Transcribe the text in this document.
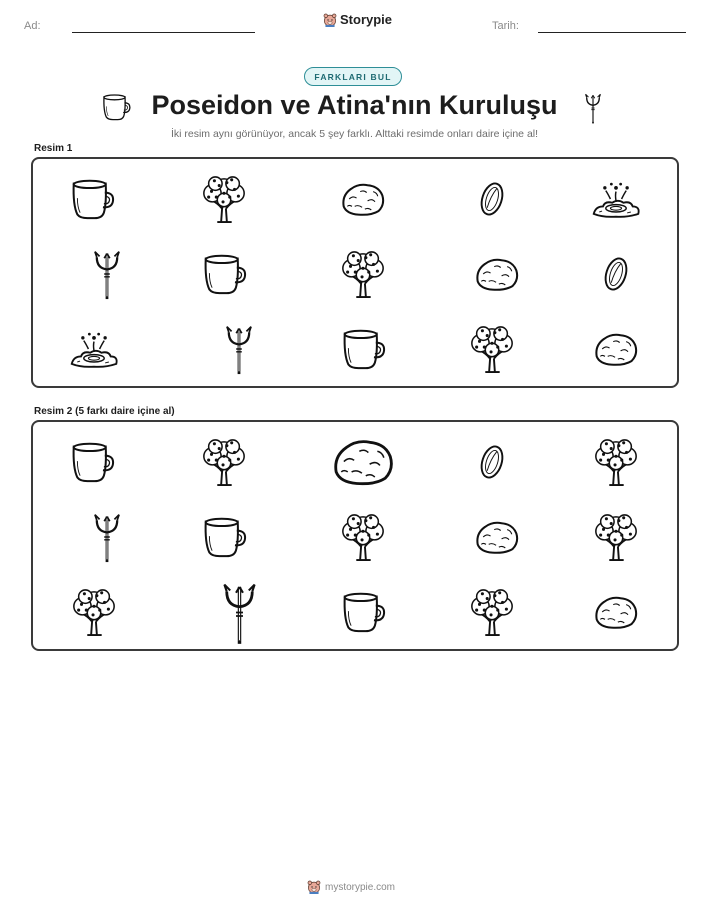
Ad:	Storypie	Tarih:
FARKLARI BUL
Poseidon ve Atina'nın Kuruluşu
İki resim aynı görünüyor, ancak 5 şey farklı. Alttaki resimde onları daire içine al!
Resim 1
Resim 2 (5 farkı daire içine al)
mystorypie.com
